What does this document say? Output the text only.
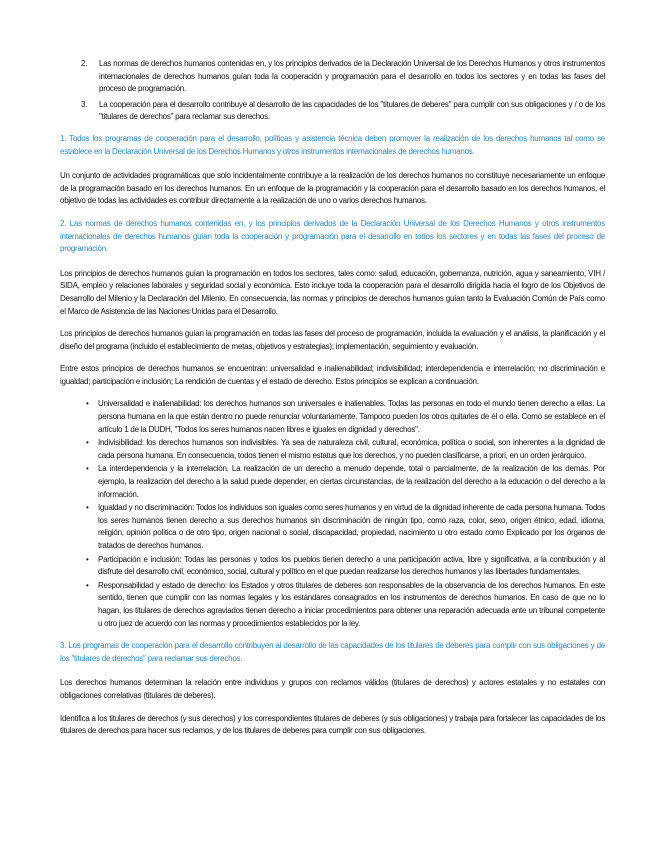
2. Las normas de derechos humanos contenidas en, y los principios derivados de la Declaración Universal de los Derechos Humanos y otros instrumentos internacionales de derechos humanos guían toda la cooperación y programación para el desarrollo en todos los sectores y en todas las fases del proceso de programación.
3. La cooperación para el desarrollo contribuye al desarrollo de las capacidades de los "titulares de deberes" para cumplir con sus obligaciones y / o de los "titulares de derechos" para reclamar sus derechos.

1. Todos los programas de cooperación para el desarrollo, políticas y asistencia técnica deben promover la realización de los derechos humanos tal como se establece en la Declaración Universal de los Derechos Humanos y otros instrumentos internacionales de derechos humanos.

Un conjunto de actividades programáticas que solo incidentalmente contribuye a la realización de los derechos humanos no constituye necesariamente un enfoque de la programación basado en los derechos humanos. En un enfoque de la programación y la cooperación para el desarrollo basado en los derechos humanos, el objetivo de todas las actividades es contribuir directamente a la realización de uno o varios derechos humanos.

2. Las normas de derechos humanos contenidas en, y los principios derivados de la Declaración Universal de los Derechos Humanos y otros instrumentos internacionales de derechos humanos guían toda la cooperación y programación para el desarrollo en todos los sectores y en todas las fases del proceso de programación.

Los principios de derechos humanos guían la programación en todos los sectores, tales como: salud, educación, gobernanza, nutrición, agua y saneamiento, VIH / SIDA, empleo y relaciones laborales y seguridad social y económica. Esto incluye toda la cooperación para el desarrollo dirigida hacia el logro de los Objetivos de Desarrollo del Milenio y la Declaración del Milenio. En consecuencia, las normas y principios de derechos humanos guían tanto la Evaluación Común de País como el Marco de Asistencia de las Naciones Unidas para el Desarrollo.

Los principios de derechos humanos guían la programación en todas las fases del proceso de programación, incluida la evaluación y el análisis, la planificación y el diseño del programa (incluido el establecimiento de metas, objetivos y estrategias); implementación, seguimiento y evaluación.

Entre estos principios de derechos humanos se encuentran: universalidad e inalienabilidad; indivisibilidad; interdependencia e interrelación; no discriminación e igualdad; participación e inclusión; La rendición de cuentas y el estado de derecho. Estos principios se explican a continuación.

• Universalidad e inalienabilidad: los derechos humanos son universales e inalienables. Todas las personas en todo el mundo tienen derecho a ellas. La persona humana en la que están dentro no puede renunciar voluntariamente. Tampoco pueden los otros quitarles de él o ella. Como se establece en el artículo 1 de la DUDH, "Todos los seres humanos nacen libres e iguales en dignidad y derechos".
• Indivisibilidad: los derechos humanos son indivisibles. Ya sea de naturaleza civil, cultural, económica, política o social, son inherentes a la dignidad de cada persona humana. En consecuencia, todos tienen el mismo estatus que los derechos, y no pueden clasificarse, a priori, en un orden jerárquico.
• La interdependencia y la interrelación. La realización de un derecho a menudo depende, total o parcialmente, de la realización de los demás. Por ejemplo, la realización del derecho a la salud puede depender, en ciertas circunstancias, de la realización del derecho a la educación o del derecho a la información.
• Igualdad y no discriminación: Todos los individuos son iguales como seres humanos y en virtud de la dignidad inherente de cada persona humana. Todos los seres humanos tienen derecho a sus derechos humanos sin discriminación de ningún tipo, como raza, color, sexo, origen étnico, edad, idioma, religión, opinión política o de otro tipo, origen nacional o social, discapacidad, propiedad, nacimiento u otro estado como Explicado por los órganos de tratados de derechos humanos.
• Participación e inclusión: Todas las personas y todos los pueblos tienen derecho a una participación activa, libre y significativa, a la contribución y al disfrute del desarrollo civil, económico, social, cultural y político en el que puedan realizarse los derechos humanos y las libertades fundamentales.
• Responsabilidad y estado de derecho: los Estados y otros titulares de deberes son responsables de la observancia de los derechos humanos. En este sentido, tienen que cumplir con las normas legales y los estándares consagrados en los instrumentos de derechos humanos. En caso de que no lo hagan, los titulares de derechos agraviados tienen derecho a iniciar procedimientos para obtener una reparación adecuada ante un tribunal competente u otro juez de acuerdo con las normas y procedimientos establecidos por la ley.

3. Los programas de cooperación para el desarrollo contribuyen al desarrollo de las capacidades de los titulares de deberes para cumplir con sus obligaciones y de los "titulares de derechos" para reclamar sus derechos.

Los derechos humanos determinan la relación entre individuos y grupos con reclamos válidos (titulares de derechos) y actores estatales y no estatales con obligaciones correlativas (titulares de deberes).

Identifica a los titulares de derechos (y sus derechos) y los correspondientes titulares de deberes (y sus obligaciones) y trabaja para fortalecer las capacidades de los titulares de derechos para hacer sus reclamos, y de los titulares de deberes para cumplir con sus obligaciones.
